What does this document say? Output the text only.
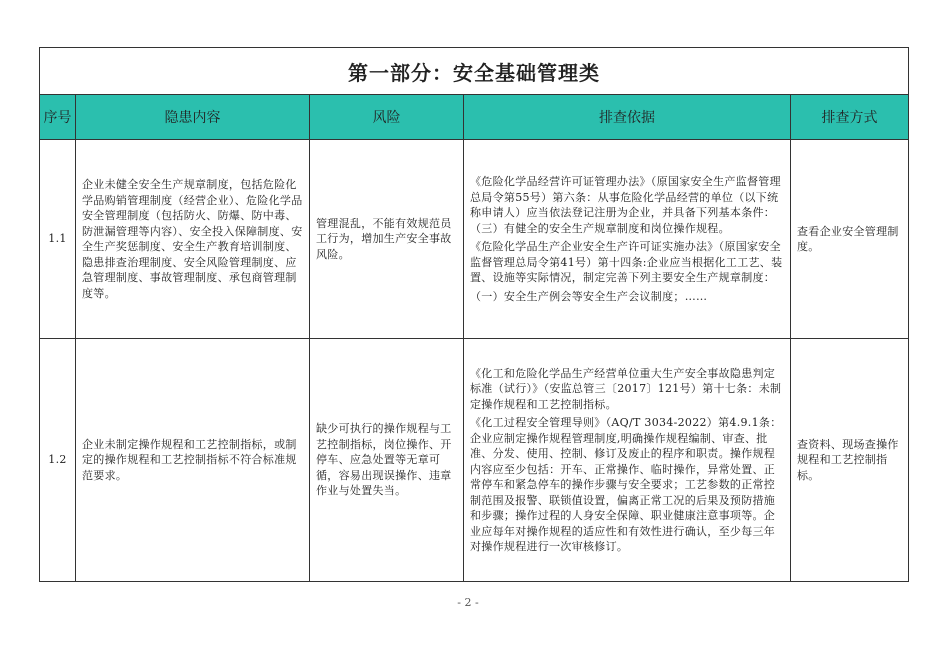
第一部分：安全基础管理类				
序号	隐患内容	风险	排查依据	排查方式
1.1	企业未健全安全生产规章制度，包括危险化学品购销管理制度（经营企业）、危险化学品安全管理制度（包括防火、防爆、防中毒、防泄漏管理等内容）、安全投入保障制度、安全生产奖惩制度、安全生产教育培训制度、隐患排查治理制度、安全风险管理制度、应急管理制度、事故管理制度、承包商管理制度等。	管理混乱，不能有效规范员工行为，增加生产安全事故风险。	《危险化学品经营许可证管理办法》（原国家安全生产监督管理总局令第55号）第六条：从事危险化学品经营的单位（以下统称申请人）应当依法登记注册为企业，并具备下列基本条件：（三）有健全的安全生产规章制度和岗位操作规程。

《危险化学品生产企业安全生产许可证实施办法》（原国家安全监督管理总局令第41号）第十四条:企业应当根据化工工艺、装置、设施等实际情况，制定完善下列主要安全生产规章制度：

（一）安全生产例会等安全生产会议制度；……	查看企业安全管理制度。
1.2	企业未制定操作规程和工艺控制指标，或制定的操作规程和工艺控制指标不符合标准规范要求。	缺少可执行的操作规程与工艺控制指标，岗位操作、开停车、应急处置等无章可循，容易出现误操作、违章作业与处置失当。	《化工和危险化学品生产经营单位重大生产安全事故隐患判定标准（试行）》（安监总管三〔2017〕121号）第十七条：未制定操作规程和工艺控制指标。

《化工过程安全管理导则》（AQ/T 3034-2022）第4.9.1条：企业应制定操作规程管理制度,明确操作规程编制、审查、批准、分发、使用、控制、修订及废止的程序和职责。操作规程内容应至少包括：开车、正常操作、临时操作，异常处置、正常停车和紧急停车的操作步骤与安全要求；工艺参数的正常控制范围及报警、联锁值设置，偏离正常工况的后果及预防措施和步骤；操作过程的人身安全保障、职业健康注意事项等。企业应每年对操作规程的适应性和有效性进行确认，至少每三年对操作规程进行一次审核修订。	查资料、现场查操作规程和工艺控制指标。
- 2 -
